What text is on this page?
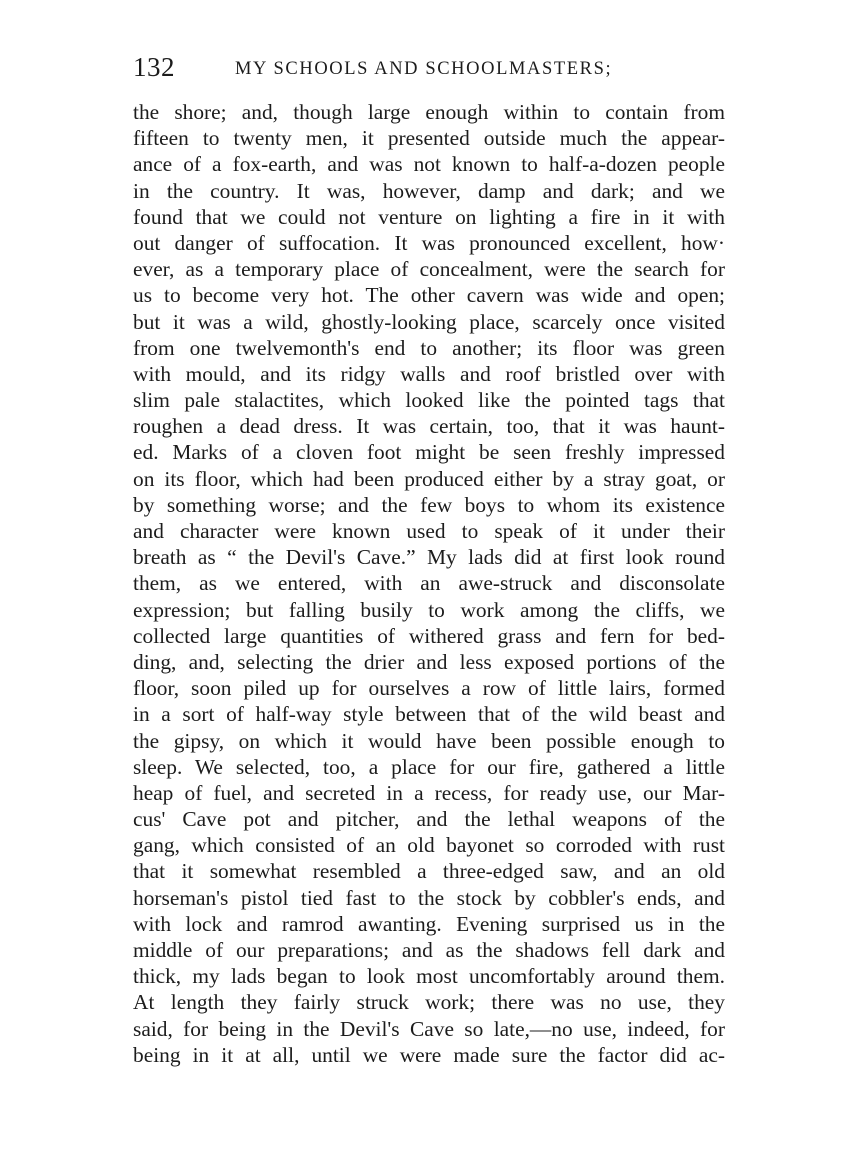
132	MY SCHOOLS AND SCHOOLMASTERS;
the shore; and, though large enough within to contain from
fifteen to twenty men, it presented outside much the appear-
ance of a fox-earth, and was not known to half-a-dozen people
in the country. It was, however, damp and dark; and we
found that we could not venture on lighting a fire in it with
out danger of suffocation. It was pronounced excellent, how·
ever, as a temporary place of concealment, were the search for
us to become very hot. The other cavern was wide and open;
but it was a wild, ghostly-looking place, scarcely once visited
from one twelvemonth's end to another; its floor was green
with mould, and its ridgy walls and roof bristled over with
slim pale stalactites, which looked like the pointed tags that
roughen a dead dress. It was certain, too, that it was haunt-
ed. Marks of a cloven foot might be seen freshly impressed
on its floor, which had been produced either by a stray goat, or
by something worse; and the few boys to whom its existence
and character were known used to speak of it under their
breath as “ the Devil's Cave.” My lads did at first look round
them, as we entered, with an awe-struck and disconsolate
expression; but falling busily to work among the cliffs, we
collected large quantities of withered grass and fern for bed-
ding, and, selecting the drier and less exposed portions of the
floor, soon piled up for ourselves a row of little lairs, formed
in a sort of half-way style between that of the wild beast and
the gipsy, on which it would have been possible enough to
sleep. We selected, too, a place for our fire, gathered a little
heap of fuel, and secreted in a recess, for ready use, our Mar-
cus' Cave pot and pitcher, and the lethal weapons of the
gang, which consisted of an old bayonet so corroded with rust
that it somewhat resembled a three-edged saw, and an old
horseman's pistol tied fast to the stock by cobbler's ends, and
with lock and ramrod awanting. Evening surprised us in the
middle of our preparations; and as the shadows fell dark and
thick, my lads began to look most uncomfortably around them.
At length they fairly struck work; there was no use, they
said, for being in the Devil's Cave so late,—no use, indeed, for
being in it at all, until we were made sure the factor did ac-
